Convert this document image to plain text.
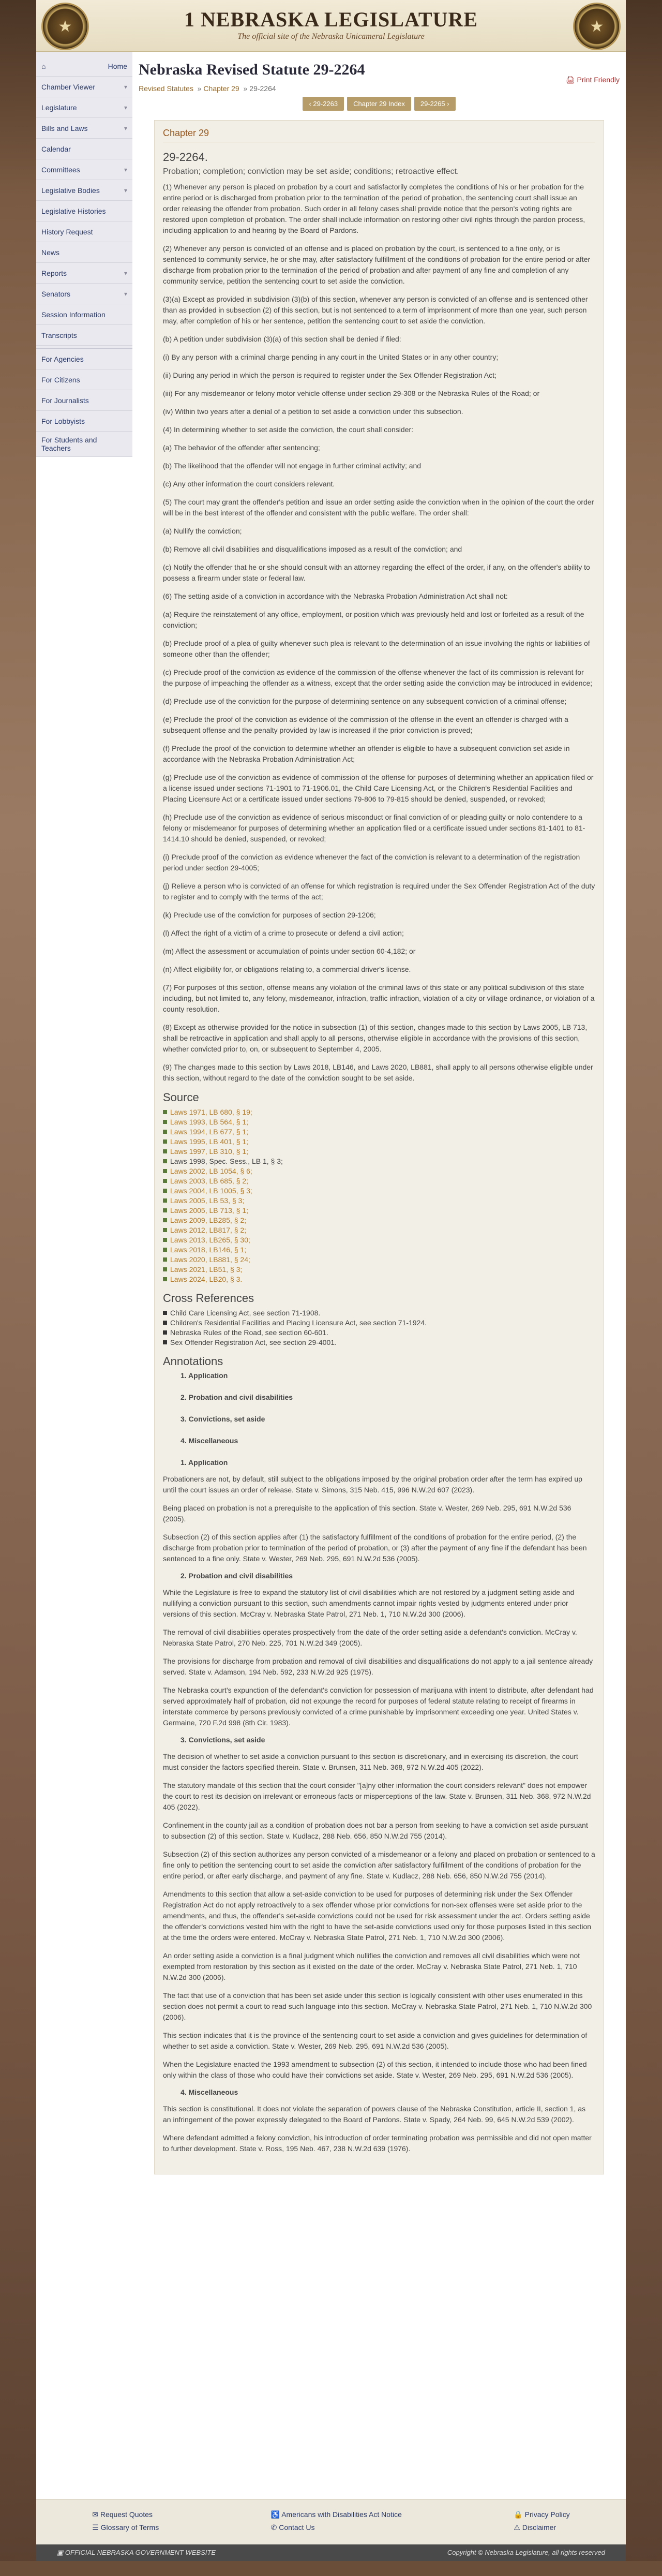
★	1 NEBRASKA LEGISLATURE
The official site of the Nebraska Unicameral Legislature
★
⌂	Home
Chamber Viewer	▾
Legislature	▾
Bills and Laws	▾
Calendar
Committees	▾
Legislative Bodies	▾
Legislative Histories
History Request
News
Reports	▾
Senators	▾
Session Information
Transcripts
For Agencies
For Citizens
For Journalists
For Lobbyists
For Students and Teachers
Nebraska Revised Statute 29-2264
🖨 Print Friendly
Revised Statutes » Chapter 29 » 29-2264
‹ 29-2263	Chapter 29 Index	29-2265 ›
Chapter 29
29-2264.
Probation; completion; conviction may be set aside; conditions; retroactive effect.

(1) Whenever any person is placed on probation by a court and satisfactorily completes the conditions of his or her probation for the entire period or is discharged from probation prior to the termination of the period of probation, the sentencing court shall issue an order releasing the offender from probation. Such order in all felony cases shall provide notice that the person's voting rights are restored upon completion of probation. The order shall include information on restoring other civil rights through the pardon process, including application to and hearing by the Board of Pardons.

(2) Whenever any person is convicted of an offense and is placed on probation by the court, is sentenced to a fine only, or is sentenced to community service, he or she may, after satisfactory fulfillment of the conditions of probation for the entire period or after discharge from probation prior to the termination of the period of probation and after payment of any fine and completion of any community service, petition the sentencing court to set aside the conviction.

(3)(a) Except as provided in subdivision (3)(b) of this section, whenever any person is convicted of an offense and is sentenced other than as provided in subsection (2) of this section, but is not sentenced to a term of imprisonment of more than one year, such person may, after completion of his or her sentence, petition the sentencing court to set aside the conviction.

(b) A petition under subdivision (3)(a) of this section shall be denied if filed:

(i) By any person with a criminal charge pending in any court in the United States or in any other country;

(ii) During any period in which the person is required to register under the Sex Offender Registration Act;

(iii) For any misdemeanor or felony motor vehicle offense under section 29-308 or the Nebraska Rules of the Road; or

(iv) Within two years after a denial of a petition to set aside a conviction under this subsection.

(4) In determining whether to set aside the conviction, the court shall consider:

(a) The behavior of the offender after sentencing;

(b) The likelihood that the offender will not engage in further criminal activity; and

(c) Any other information the court considers relevant.

(5) The court may grant the offender's petition and issue an order setting aside the conviction when in the opinion of the court the order will be in the best interest of the offender and consistent with the public welfare. The order shall:

(a) Nullify the conviction;

(b) Remove all civil disabilities and disqualifications imposed as a result of the conviction; and

(c) Notify the offender that he or she should consult with an attorney regarding the effect of the order, if any, on the offender's ability to possess a firearm under state or federal law.

(6) The setting aside of a conviction in accordance with the Nebraska Probation Administration Act shall not:

(a) Require the reinstatement of any office, employment, or position which was previously held and lost or forfeited as a result of the conviction;

(b) Preclude proof of a plea of guilty whenever such plea is relevant to the determination of an issue involving the rights or liabilities of someone other than the offender;

(c) Preclude proof of the conviction as evidence of the commission of the offense whenever the fact of its commission is relevant for the purpose of impeaching the offender as a witness, except that the order setting aside the conviction may be introduced in evidence;

(d) Preclude use of the conviction for the purpose of determining sentence on any subsequent conviction of a criminal offense;

(e) Preclude the proof of the conviction as evidence of the commission of the offense in the event an offender is charged with a subsequent offense and the penalty provided by law is increased if the prior conviction is proved;

(f) Preclude the proof of the conviction to determine whether an offender is eligible to have a subsequent conviction set aside in accordance with the Nebraska Probation Administration Act;

(g) Preclude use of the conviction as evidence of commission of the offense for purposes of determining whether an application filed or a license issued under sections 71-1901 to 71-1906.01, the Child Care Licensing Act, or the Children's Residential Facilities and Placing Licensure Act or a certificate issued under sections 79-806 to 79-815 should be denied, suspended, or revoked;

(h) Preclude use of the conviction as evidence of serious misconduct or final conviction of or pleading guilty or nolo contendere to a felony or misdemeanor for purposes of determining whether an application filed or a certificate issued under sections 81-1401 to 81-1414.10 should be denied, suspended, or revoked;

(i) Preclude proof of the conviction as evidence whenever the fact of the conviction is relevant to a determination of the registration period under section 29-4005;

(j) Relieve a person who is convicted of an offense for which registration is required under the Sex Offender Registration Act of the duty to register and to comply with the terms of the act;

(k) Preclude use of the conviction for purposes of section 29-1206;

(l) Affect the right of a victim of a crime to prosecute or defend a civil action;

(m) Affect the assessment or accumulation of points under section 60-4,182; or

(n) Affect eligibility for, or obligations relating to, a commercial driver's license.

(7) For purposes of this section, offense means any violation of the criminal laws of this state or any political subdivision of this state including, but not limited to, any felony, misdemeanor, infraction, traffic infraction, violation of a city or village ordinance, or violation of a county resolution.

(8) Except as otherwise provided for the notice in subsection (1) of this section, changes made to this section by Laws 2005, LB 713, shall be retroactive in application and shall apply to all persons, otherwise eligible in accordance with the provisions of this section, whether convicted prior to, on, or subsequent to September 4, 2005.

(9) The changes made to this section by Laws 2018, LB146, and Laws 2020, LB881, shall apply to all persons otherwise eligible under this section, without regard to the date of the conviction sought to be set aside.

Source
Laws 1971, LB 680, § 19;
Laws 1993, LB 564, § 1;
Laws 1994, LB 677, § 1;
Laws 1995, LB 401, § 1;
Laws 1997, LB 310, § 1;
Laws 1998, Spec. Sess., LB 1, § 3;
Laws 2002, LB 1054, § 6;
Laws 2003, LB 685, § 2;
Laws 2004, LB 1005, § 3;
Laws 2005, LB 53, § 3;
Laws 2005, LB 713, § 1;
Laws 2009, LB285, § 2;
Laws 2012, LB817, § 2;
Laws 2013, LB265, § 30;
Laws 2018, LB146, § 1;
Laws 2020, LB881, § 24;
Laws 2021, LB51, § 3;
Laws 2024, LB20, § 3.
Cross References
Child Care Licensing Act, see section 71-1908.
Children's Residential Facilities and Placing Licensure Act, see section 71-1924.
Nebraska Rules of the Road, see section 60-601.
Sex Offender Registration Act, see section 29-4001.
Annotations
1. Application
2. Probation and civil disabilities
3. Convictions, set aside
4. Miscellaneous
1. Application

Probationers are not, by default, still subject to the obligations imposed by the original probation order after the term has expired up until the court issues an order of release. State v. Simons, 315 Neb. 415, 996 N.W.2d 607 (2023).

Being placed on probation is not a prerequisite to the application of this section. State v. Wester, 269 Neb. 295, 691 N.W.2d 536 (2005).

Subsection (2) of this section applies after (1) the satisfactory fulfillment of the conditions of probation for the entire period, (2) the discharge from probation prior to termination of the period of probation, or (3) after the payment of any fine if the defendant has been sentenced to a fine only. State v. Wester, 269 Neb. 295, 691 N.W.2d 536 (2005).

2. Probation and civil disabilities

While the Legislature is free to expand the statutory list of civil disabilities which are not restored by a judgment setting aside and nullifying a conviction pursuant to this section, such amendments cannot impair rights vested by judgments entered under prior versions of this section. McCray v. Nebraska State Patrol, 271 Neb. 1, 710 N.W.2d 300 (2006).

The removal of civil disabilities operates prospectively from the date of the order setting aside a defendant's conviction. McCray v. Nebraska State Patrol, 270 Neb. 225, 701 N.W.2d 349 (2005).

The provisions for discharge from probation and removal of civil disabilities and disqualifications do not apply to a jail sentence already served. State v. Adamson, 194 Neb. 592, 233 N.W.2d 925 (1975).

The Nebraska court's expunction of the defendant's conviction for possession of marijuana with intent to distribute, after defendant had served approximately half of probation, did not expunge the record for purposes of federal statute relating to receipt of firearms in interstate commerce by persons previously convicted of a crime punishable by imprisonment exceeding one year. United States v. Germaine, 720 F.2d 998 (8th Cir. 1983).

3. Convictions, set aside

The decision of whether to set aside a conviction pursuant to this section is discretionary, and in exercising its discretion, the court must consider the factors specified therein. State v. Brunsen, 311 Neb. 368, 972 N.W.2d 405 (2022).

The statutory mandate of this section that the court consider "[a]ny other information the court considers relevant" does not empower the court to rest its decision on irrelevant or erroneous facts or misperceptions of the law. State v. Brunsen, 311 Neb. 368, 972 N.W.2d 405 (2022).

Confinement in the county jail as a condition of probation does not bar a person from seeking to have a conviction set aside pursuant to subsection (2) of this section. State v. Kudlacz, 288 Neb. 656, 850 N.W.2d 755 (2014).

Subsection (2) of this section authorizes any person convicted of a misdemeanor or a felony and placed on probation or sentenced to a fine only to petition the sentencing court to set aside the conviction after satisfactory fulfillment of the conditions of probation for the entire period, or after early discharge, and payment of any fine. State v. Kudlacz, 288 Neb. 656, 850 N.W.2d 755 (2014).

Amendments to this section that allow a set-aside conviction to be used for purposes of determining risk under the Sex Offender Registration Act do not apply retroactively to a sex offender whose prior convictions for non-sex offenses were set aside prior to the amendments, and thus, the offender's set-aside convictions could not be used for risk assessment under the act. Orders setting aside the offender's convictions vested him with the right to have the set-aside convictions used only for those purposes listed in this section at the time the orders were entered. McCray v. Nebraska State Patrol, 271 Neb. 1, 710 N.W.2d 300 (2006).

An order setting aside a conviction is a final judgment which nullifies the conviction and removes all civil disabilities which were not exempted from restoration by this section as it existed on the date of the order. McCray v. Nebraska State Patrol, 271 Neb. 1, 710 N.W.2d 300 (2006).

The fact that use of a conviction that has been set aside under this section is logically consistent with other uses enumerated in this section does not permit a court to read such language into this section. McCray v. Nebraska State Patrol, 271 Neb. 1, 710 N.W.2d 300 (2006).

This section indicates that it is the province of the sentencing court to set aside a conviction and gives guidelines for determination of whether to set aside a conviction. State v. Wester, 269 Neb. 295, 691 N.W.2d 536 (2005).

When the Legislature enacted the 1993 amendment to subsection (2) of this section, it intended to include those who had been fined only within the class of those who could have their convictions set aside. State v. Wester, 269 Neb. 295, 691 N.W.2d 536 (2005).

4. Miscellaneous

This section is constitutional. It does not violate the separation of powers clause of the Nebraska Constitution, article II, section 1, as an infringement of the power expressly delegated to the Board of Pardons. State v. Spady, 264 Neb. 99, 645 N.W.2d 539 (2002).

Where defendant admitted a felony conviction, his introduction of order terminating probation was permissible and did not open matter to further development. State v. Ross, 195 Neb. 467, 238 N.W.2d 639 (1976).

✉ Request Quotes
☰ Glossary of Terms
♿ Americans with Disabilities Act Notice
✆ Contact Us
🔒 Privacy Policy
⚠ Disclaimer
▣ OFFICIAL NEBRASKA GOVERNMENT WEBSITE	Copyright © Nebraska Legislature, all rights reserved
